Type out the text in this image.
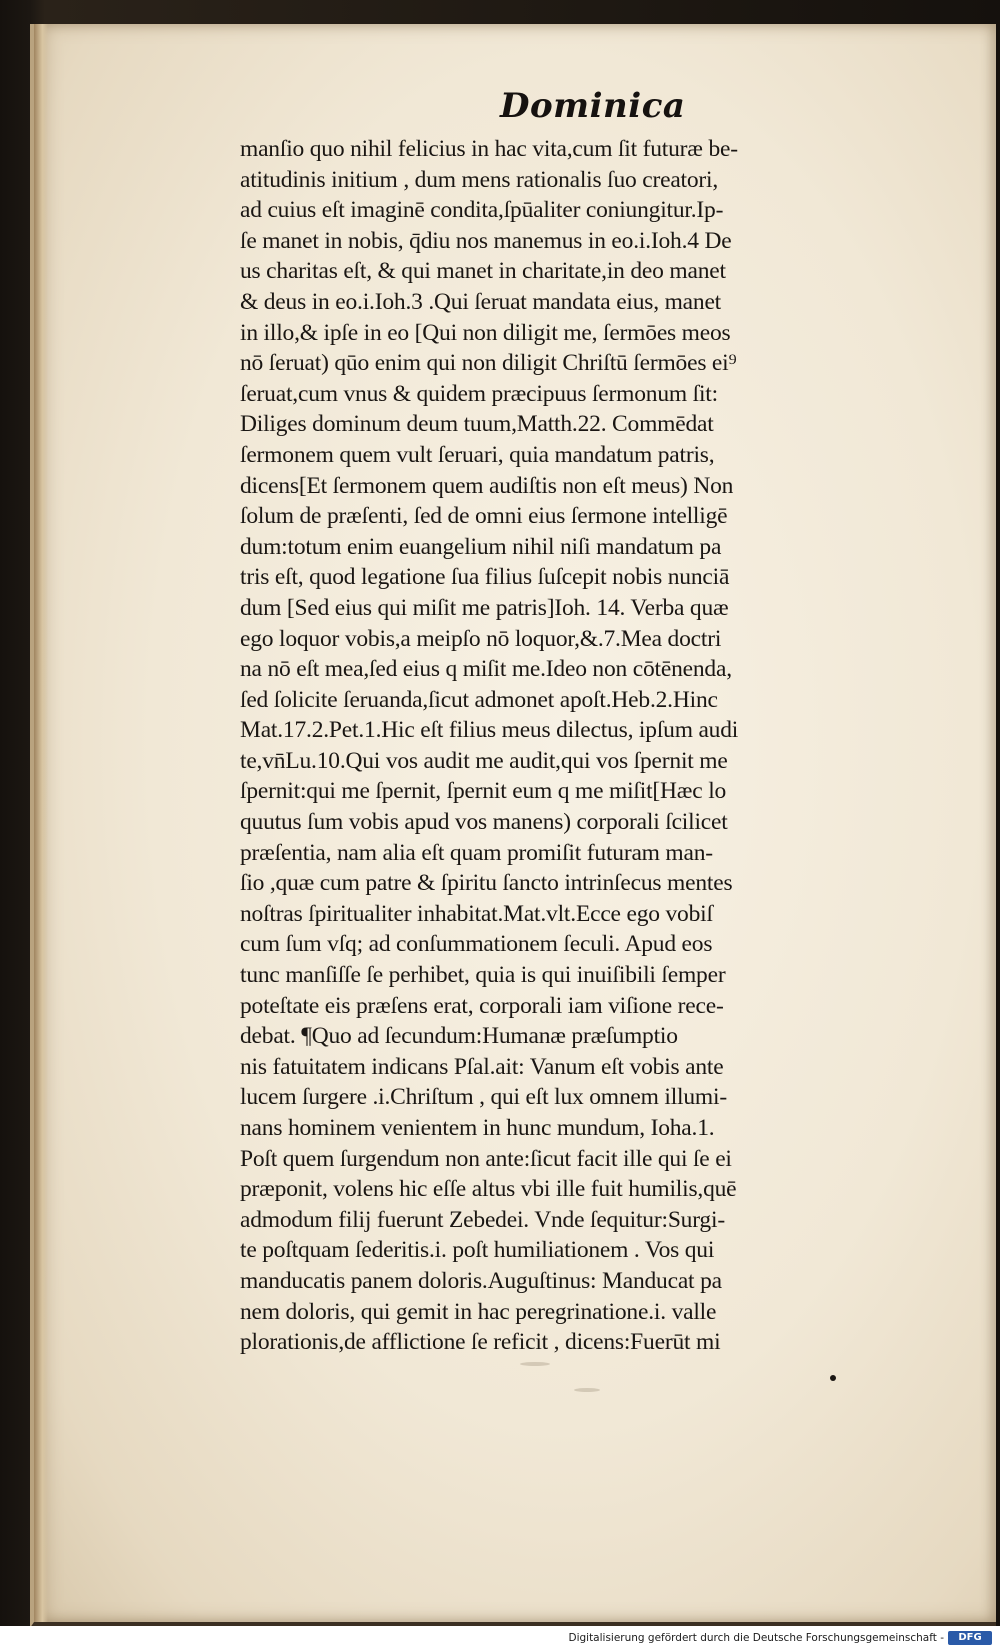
Dominica
manſio quo nihil felicius in hac vita,cum ſit futuræ be-
atitudinis initium , dum mens rationalis ſuo creatori,
ad cuius eſt imaginē condita,ſpūaliter coniungitur.Ip-
ſe manet in nobis, q̄diu nos manemus in eo.i.Ioh.4 De
us charitas eſt, & qui manet in charitate,in deo manet
& deus in eo.i.Ioh.3 .Qui ſeruat mandata eius, manet
in illo,& ipſe in eo [Qui non diligit me, ſermōes meos
nō ſeruat) qūo enim qui non diligit Chriſtū ſermōes ei⁹
ſeruat,cum vnus & quidem præcipuus ſermonum ſit:
Diliges dominum deum tuum,Matth.22. Commēdat
ſermonem quem vult ſeruari, quia mandatum patris,
dicens[Et ſermonem quem audiſtis non eſt meus) Non
ſolum de præſenti, ſed de omni eius ſermone intelligē
dum:totum enim euangelium nihil niſi mandatum pa
tris eſt, quod legatione ſua filius ſuſcepit nobis nunciā
dum [Sed eius qui miſit me patris]Ioh. 14. Verba quæ
ego loquor vobis,a meipſo nō loquor,&.7.Mea doctri
na nō eſt mea,ſed eius q miſit me.Ideo non cōtēnenda,
ſed ſolicite ſeruanda,ſicut admonet apoſt.Heb.2.Hinc
Mat.17.2.Pet.1.Hic eſt filius meus dilectus, ipſum audi
te,vn̄Lu.10.Qui vos audit me audit,qui vos ſpernit me
ſpernit:qui me ſpernit, ſpernit eum q me miſit[Hæc lo
quutus ſum vobis apud vos manens) corporali ſcilicet
præſentia, nam alia eſt quam promiſit futuram man-
ſio ,quæ cum patre & ſpiritu ſancto intrinſecus mentes
noſtras ſpiritualiter inhabitat.Mat.vlt.Ecce ego vobiſ
cum ſum vſq; ad conſummationem ſeculi. Apud eos
tunc manſiſſe ſe perhibet, quia is qui inuiſibili ſemper
poteſtate eis præſens erat, corporali iam viſione rece-
debat. ¶Quo ad ſecundum:Humanæ præſumptio
nis fatuitatem indicans Pſal.ait: Vanum eſt vobis ante
lucem ſurgere .i.Chriſtum , qui eſt lux omnem illumi-
nans hominem venientem in hunc mundum, Ioha.1.
Poſt quem ſurgendum non ante:ſicut facit ille qui ſe ei
præponit, volens hic eſſe altus vbi ille fuit humilis,quē
admodum filij fuerunt Zebedei. Vnde ſequitur:Surgi-
te poſtquam ſederitis.i. poſt humiliationem . Vos qui
manducatis panem doloris.Auguſtinus: Manducat pa
nem doloris, qui gemit in hac peregrinatione.i. valle
plorationis,de afflictione ſe reficit , dicens:Fuerūt mi
Digitalisierung gefördert durch die Deutsche Forschungsgemeinschaft -	DFG
